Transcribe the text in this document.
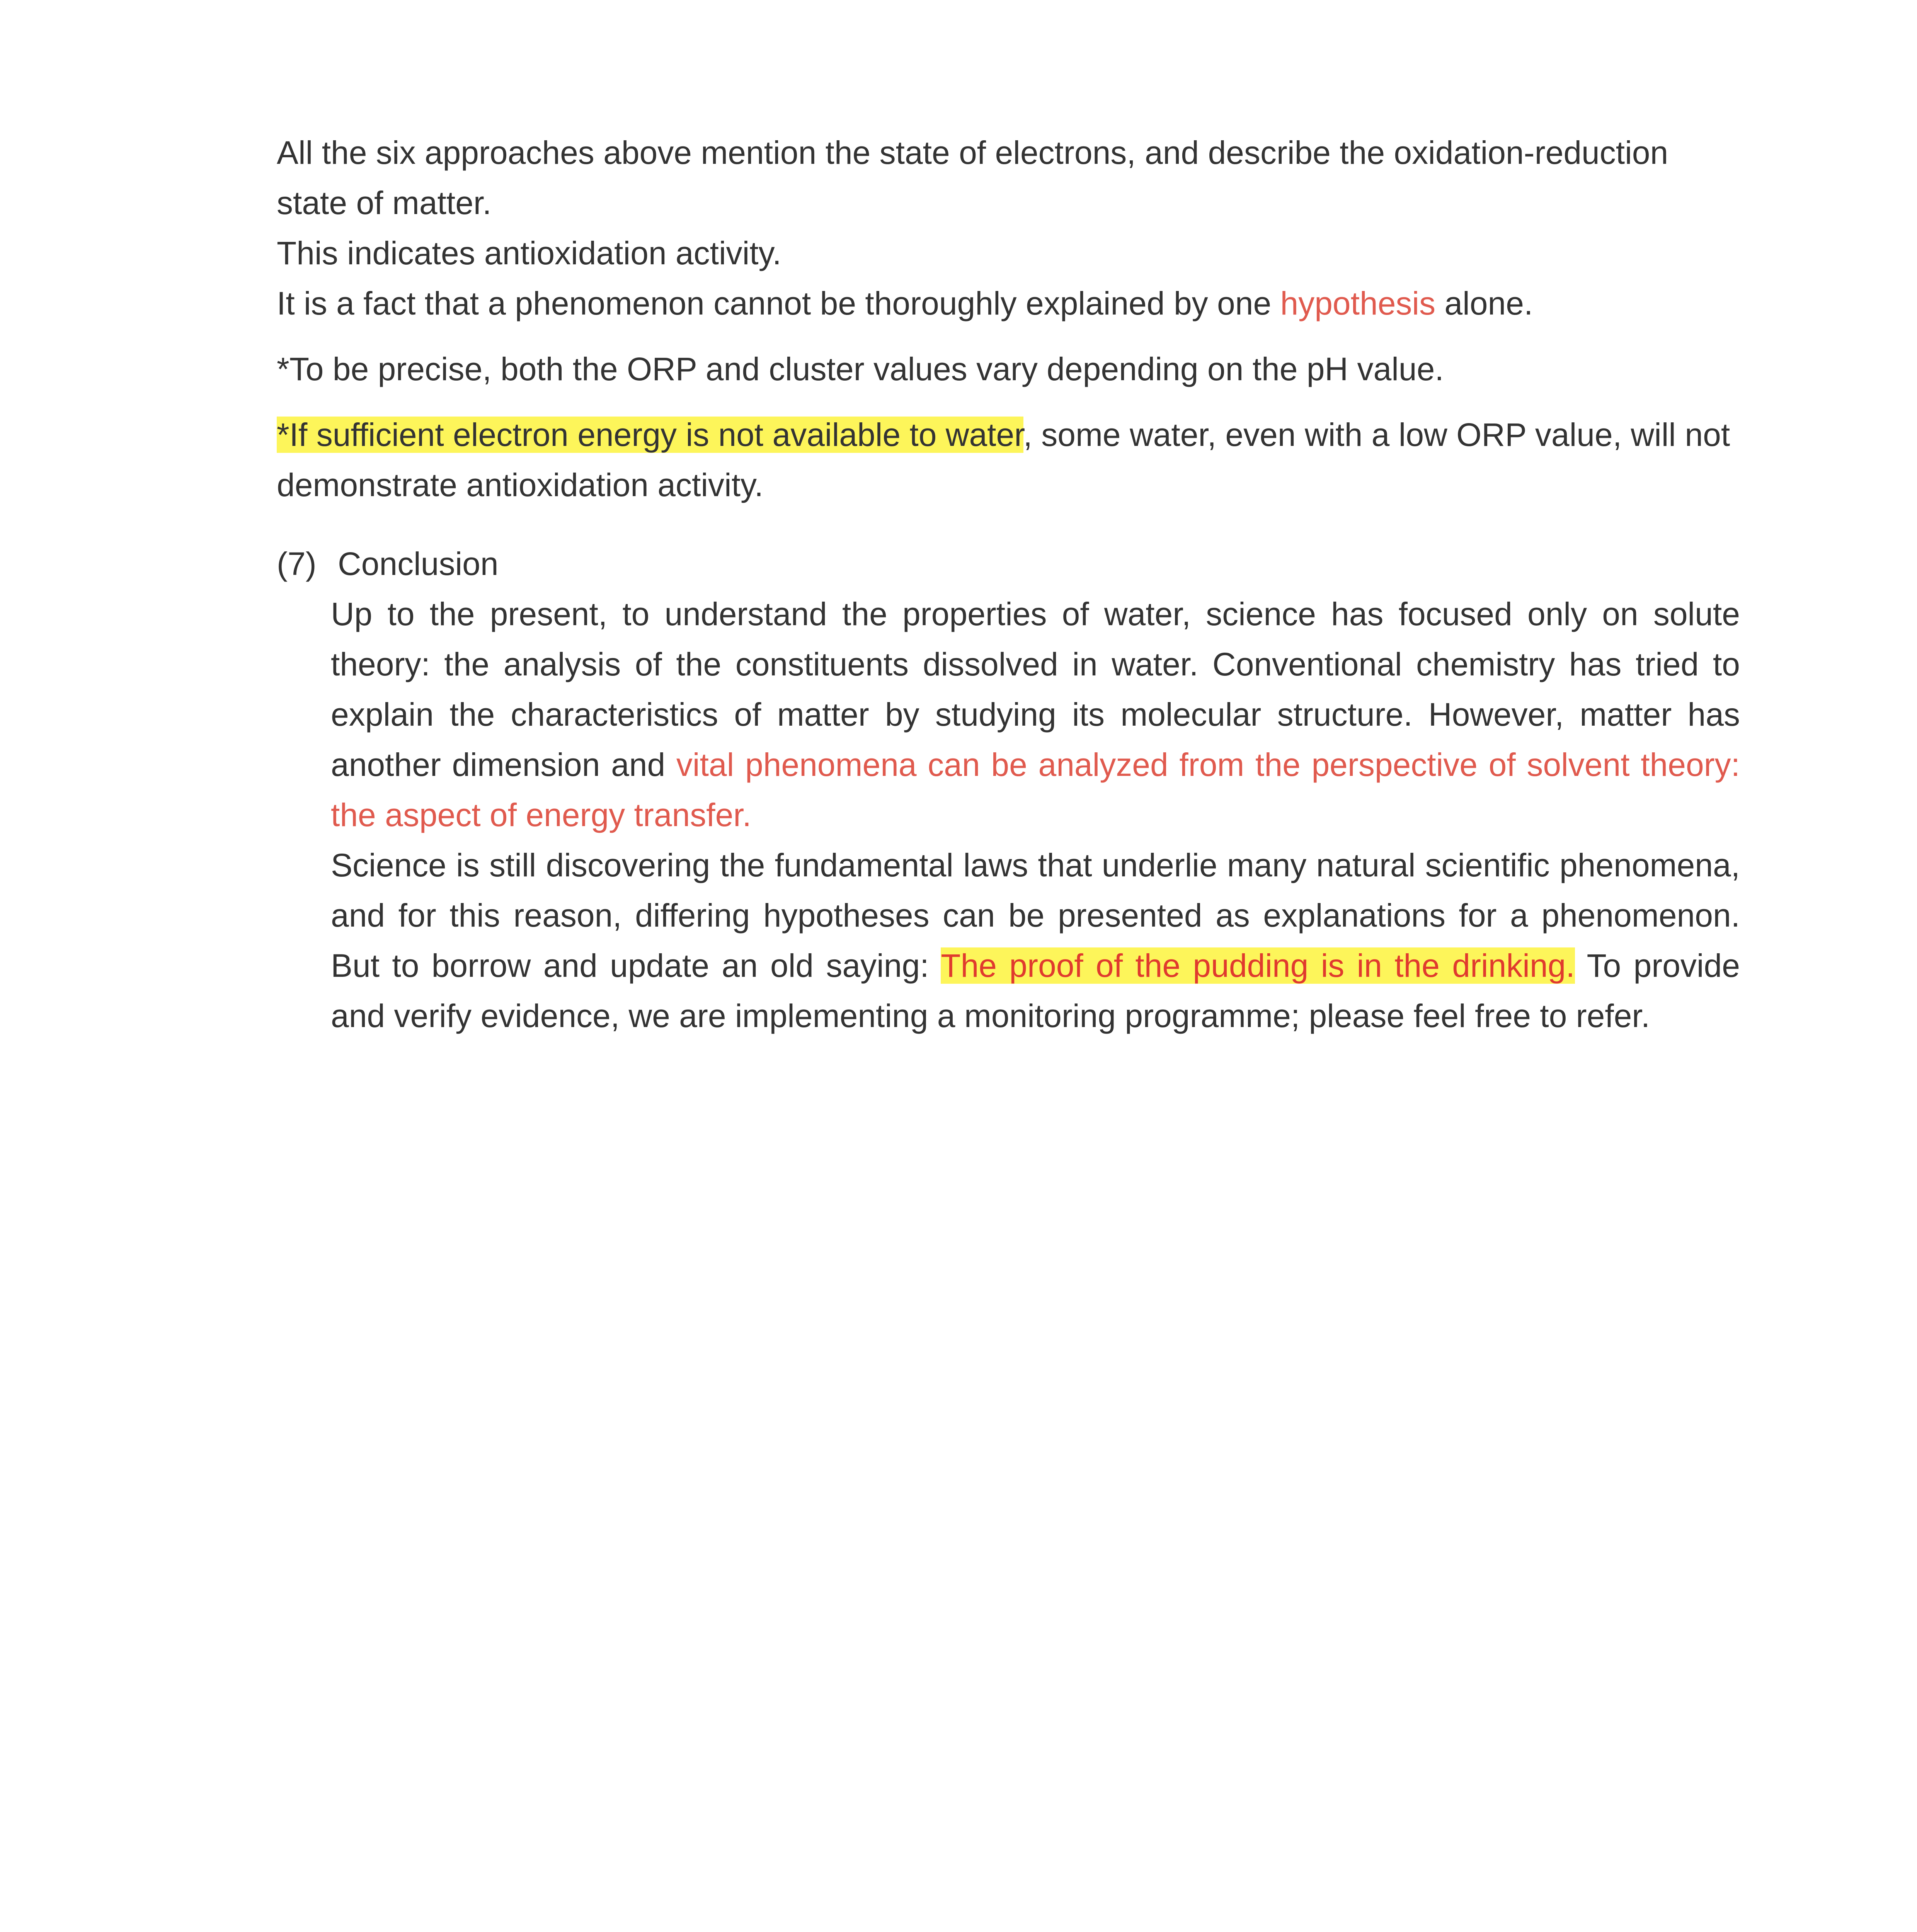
All the six approaches above mention the state of electrons, and describe the oxidation-reduction state of matter.
This indicates antioxidation activity.
It is a fact that a phenomenon cannot be thoroughly explained by one hypothesis alone.

*To be precise, both the ORP and cluster values vary depending on the pH value.

*If sufficient electron energy is not available to water, some water, even with a low ORP value, will not demonstrate antioxidation activity.

(7) Conclusion

Up to the present, to understand the properties of water, science has focused only on solute theory: the analysis of the constituents dissolved in water. Conventional chemistry has tried to explain the characteristics of matter by studying its molecular structure. However, matter has another dimension and vital phenomena can be analyzed from the perspective of solvent theory: the aspect of energy transfer.

Science is still discovering the fundamental laws that underlie many natural scientific phenomena, and for this reason, differing hypotheses can be presented as explanations for a phenomenon. But to borrow and update an old saying: The proof of the pudding is in the drinking. To provide and verify evidence, we are implementing a monitoring programme; please feel free to refer.
